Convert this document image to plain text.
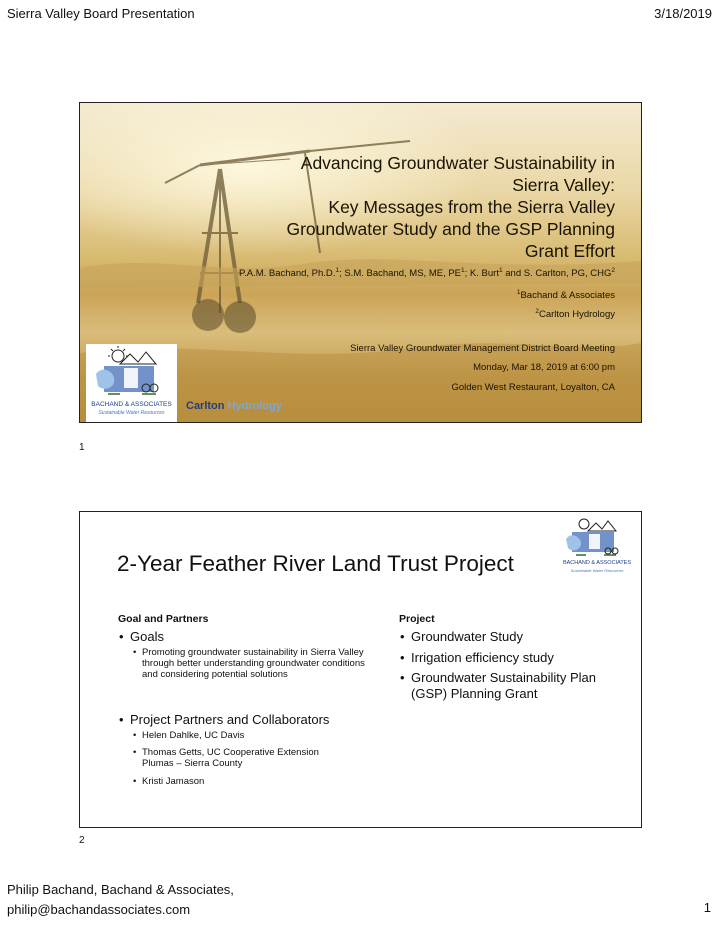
Sierra Valley Board Presentation	3/18/2019
Advancing Groundwater Sustainability in
Sierra Valley:
Key Messages from the Sierra Valley
Groundwater Study and the GSP Planning
Grant Effort
P.A.M. Bachand, Ph.D.$^1$; S.M. Bachand, MS, ME, $PE^1$; K. Burt$^1$ and S. Carlton, PG, CHG$^2$
$^1$Bachand & Associates
$^2$Carlton Hydrology
Sierra Valley Groundwater Management District Board Meeting
Monday, Mar 18, 2019 at 6:00 pm
Golden West Restaurant, Loyalton, CA
BACHAND & ASSOCIATES
Sustainable Water Resources
Carlton Hydrology
1
2-Year Feather River Land Trust Project	BACHAND & ASSOCIATES
Sustainable Water Resources
Goal and Partners
• Goals
• Promoting groundwater sustainability in Sierra Valley through better understanding groundwater conditions and considering potential solutions
• Project Partners and Collaborators
• Helen Dahlke, UC Davis
• Thomas Getts, UC Cooperative Extension Plumas – Sierra County
• Kristi Jamason
Project
• Groundwater Study
• Irrigation efficiency study
• Groundwater Sustainability Plan (GSP) Planning Grant
2
Philip Bachand, Bachand & Associates,
philip@bachandassociates.com	1
